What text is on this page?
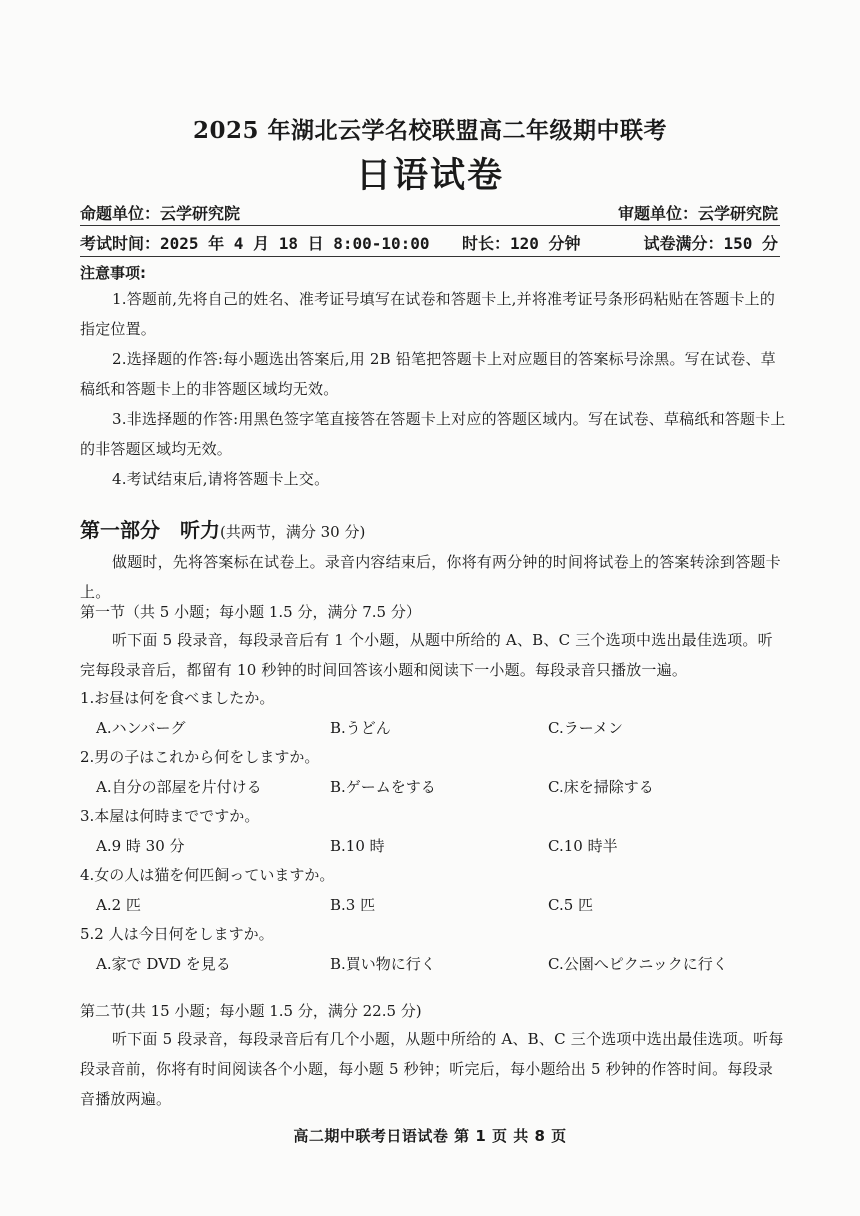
2025 年湖北云学名校联盟高二年级期中联考
日语试卷
命题单位：云学研究院	审题单位：云学研究院
考试时间：2025 年 4 月 18 日 8:00-10:00 时长：120 分钟	试卷满分：150 分
注意事项:
1.答题前,先将自己的姓名、准考证号填写在试卷和答题卡上,并将准考证号条形码粘贴在答题卡上的指定位置。
2.选择题的作答:每小题选出答案后,用 2B 铅笔把答题卡上对应题目的答案标号涂黑。写在试卷、草稿纸和答题卡上的非答题区域均无效。
3.非选择题的作答:用黑色签字笔直接答在答题卡上对应的答题区域内。写在试卷、草稿纸和答题卡上的非答题区域均无效。
4.考试结束后,请将答题卡上交。
第一部分　听力(共两节，满分 30 分)
做题时，先将答案标在试卷上。录音内容结束后，你将有两分钟的时间将试卷上的答案转涂到答题卡上。
第一节（共 5 小题；每小题 1.5 分，满分 7.5 分）
听下面 5 段录音，每段录音后有 1 个小题，从题中所给的 A、B、C 三个选项中选出最佳选项。听完每段录音后，都留有 10 秒钟的时间回答该小题和阅读下一小题。每段录音只播放一遍。
1.お昼は何を食べましたか。
A.ハンバーグ	B.うどん	C.ラーメン
2.男の子はこれから何をしますか。
A.自分の部屋を片付ける	B.ゲームをする	C.床を掃除する
3.本屋は何時までですか。
A.9 時 30 分	B.10 時	C.10 時半
4.女の人は猫を何匹飼っていますか。
A.2 匹	B.3 匹	C.5 匹
5.2 人は今日何をしますか。
A.家で DVD を見る	B.買い物に行く	C.公園へピクニックに行く
第二节(共 15 小题；每小题 1.5 分，满分 22.5 分)
听下面 5 段录音，每段录音后有几个小题，从题中所给的 A、B、C 三个选项中选出最佳选项。听每段录音前，你将有时间阅读各个小题，每小题 5 秒钟；听完后，每小题给出 5 秒钟的作答时间。每段录音播放两遍。
高二期中联考日语试卷 第 1 页 共 8 页
